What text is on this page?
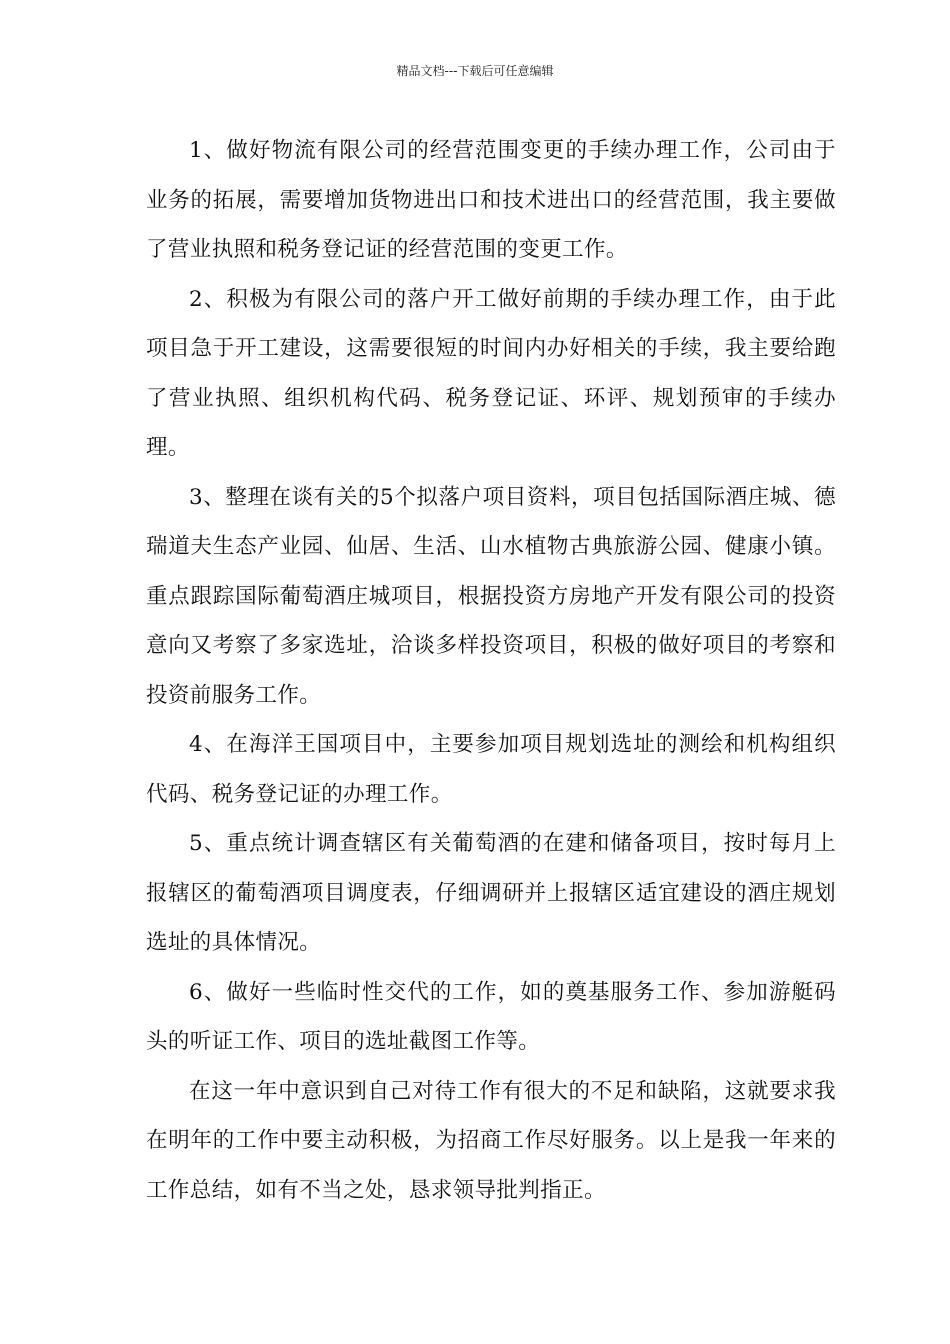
精品文档---下载后可任意编辑

1、做好物流有限公司的经营范围变更的手续办理工作，公司由于业务的拓展，需要增加货物进出口和技术进出口的经营范围，我主要做了营业执照和税务登记证的经营范围的变更工作。

2、积极为有限公司的落户开工做好前期的手续办理工作，由于此项目急于开工建设，这需要很短的时间内办好相关的手续，我主要给跑了营业执照、组织机构代码、税务登记证、环评、规划预审的手续办理。

3、整理在谈有关的5个拟落户项目资料，项目包括国际酒庄城、德瑞道夫生态产业园、仙居、生活、山水植物古典旅游公园、健康小镇。重点跟踪国际葡萄酒庄城项目，根据投资方房地产开发有限公司的投资意向又考察了多家选址，洽谈多样投资项目，积极的做好项目的考察和投资前服务工作。

4、在海洋王国项目中，主要参加项目规划选址的测绘和机构组织代码、税务登记证的办理工作。

5、重点统计调查辖区有关葡萄酒的在建和储备项目，按时每月上报辖区的葡萄酒项目调度表，仔细调研并上报辖区适宜建设的酒庄规划选址的具体情况。

6、做好一些临时性交代的工作，如的奠基服务工作、参加游艇码头的听证工作、项目的选址截图工作等。

在这一年中意识到自己对待工作有很大的不足和缺陷，这就要求我在明年的工作中要主动积极，为招商工作尽好服务。以上是我一年来的工作总结，如有不当之处，恳求领导批判指正。
